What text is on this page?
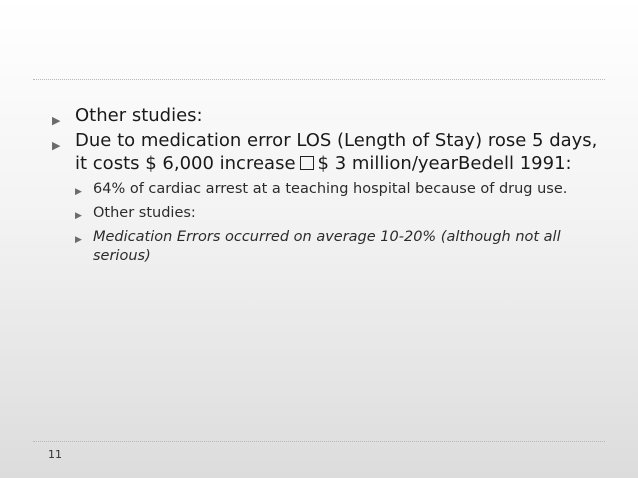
▶ Other studies:
▶ Due to medication error LOS (Length of Stay) rose 5 days, it costs $ 6,000 increase $ 3 million/yearBedell 1991:
▶ 64% of cardiac arrest at a teaching hospital because of drug use.
▶ Other studies:
▶ Medication Errors occurred on average 10-20% (although not all serious)
11
